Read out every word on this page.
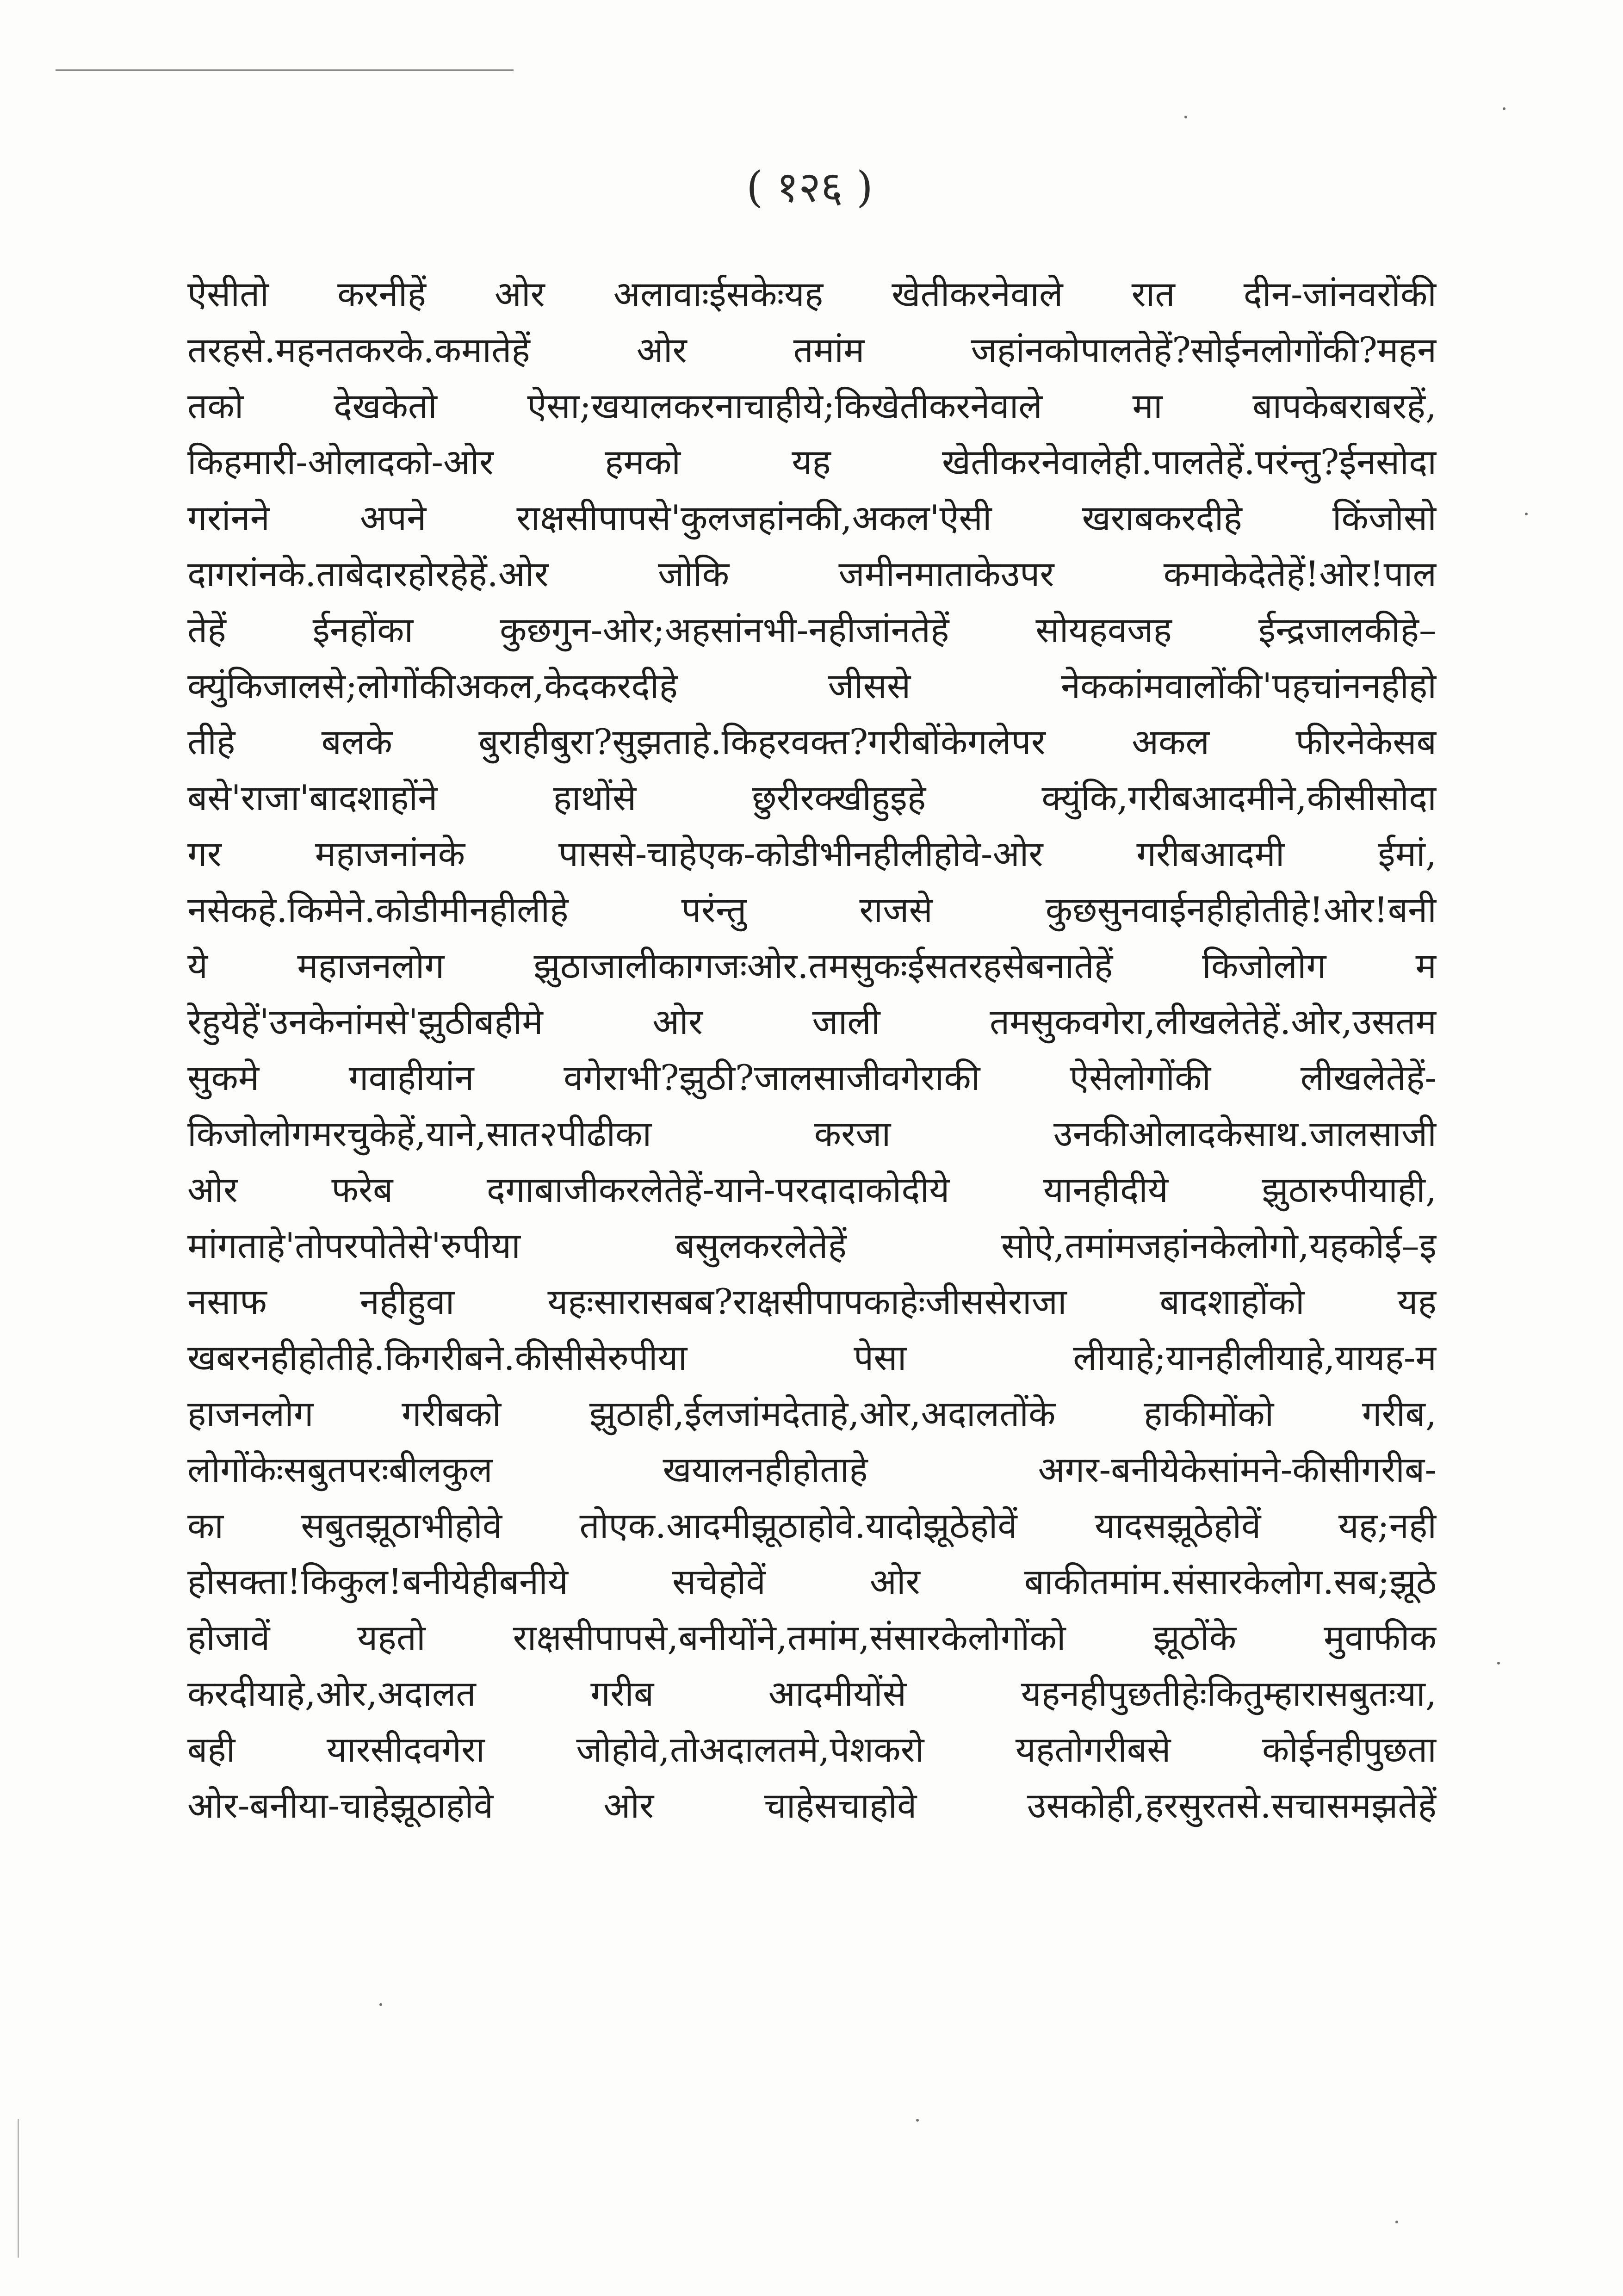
( १२६ )
ऐसीतो करनीहें ओर अलावाःईसकेःयह खेतीकरनेवाले रात दीन-जांनवरोंकी
तरहसे.महनतकरके.कमातेहें ओर तमांम जहांनकोपालतेहें?सोईनलोगोंकी?महन
तको देखकेतो ऐसा;खयालकरनाचाहीये;किखेतीकरनेवाले मा बापकेबराबरहें,
किहमारी-ओलादको-ओर हमको यह खेतीकरनेवालेही.पालतेहें.परंन्तु?ईनसोदा
गरांनने अपने राक्षसीपापसे'कुलजहांनकी,अकल'ऐसी खराबकरदीहे किंजोसो
दागरांनके.ताबेदारहोरहेहें.ओर जोकि जमीनमाताकेउपर कमाकेदेतेहें!ओर!पाल
तेहें ईनहोंका कुछगुन-ओर;अहसांनभी-नहीजांनतेहें सोयहवजह ईन्द्रजालकीहे–
क्युंकिजालसे;लोगोंकीअकल,केदकरदीहे जीससे नेककांमवालोंकी'पहचांननहीहो
तीहे बलके बुराहीबुरा?सुझताहे.किहरवक्त?गरीबोंकेगलेपर अकल फीरनेकेसब
बसे'राजा'बादशाहोंने हाथोंसे छुरीरक्खीहुइहे क्युंकि,गरीबआदमीने,कीसीसोदा
गर महाजनांनके पाससे-चाहेएक-कोडीभीनहीलीहोवे-ओर गरीबआदमी ईमां,
नसेकहे.किमेने.कोडीमीनहीलीहे परंन्तु राजसे कुछसुनवाईनहीहोतीहे!ओर!बनी
ये महाजनलोग झुठाजालीकागजःओर.तमसुकःईसतरहसेबनातेहें किजोलोग म
रेहुयेहें'उनकेनांमसे'झुठीबहीमे ओर जाली तमसुकवगेरा,लीखलेतेहें.ओर,उसतम
सुकमे गवाहीयांन वगेराभी?झुठी?जालसाजीवगेराकी ऐसेलोगोंकी लीखलेतेहें-
किजोलोगमरचुकेहें,याने,सात२पीढीका करजा उनकीओलादकेसाथ.जालसाजी
ओर फरेब दगाबाजीकरलेतेहें-याने-परदादाकोदीये यानहीदीये झुठारुपीयाही,
मांगताहे'तोपरपोतेसे'रुपीया बसुलकरलेतेहें सोऐ,तमांमजहांनकेलोगो,यहकोई–इ
नसाफ नहीहुवा यहःसारासबब?राक्षसीपापकाहेःजीससेराजा बादशाहोंको यह
खबरनहीहोतीहे.किगरीबने.कीसीसेरुपीया पेसा लीयाहे;यानहीलीयाहे,यायह-म
हाजनलोग गरीबको झुठाही,ईलजांमदेताहे,ओर,अदालतोंके हाकीमोंको गरीब,
लोगोंकेःसबुतपरःबीलकुल खयालनहीहोताहे अगर-बनीयेकेसांमने-कीसीगरीब-
का सबुतझूठाभीहोवे तोएक.आदमीझूठाहोवे.यादोझूठेहोवें यादसझूठेहोवें यह;नही
होसक्ता!किकुल!बनीयेहीबनीये सचेहोवें ओर बाकीतमांम.संसारकेलोग.सब;झूठे
होजावें यहतो राक्षसीपापसे,बनीयोंने,तमांम,संसारकेलोगोंको झूठोंके मुवाफीक
करदीयाहे,ओर,अदालत गरीब आदमीयोंसे यहनहीपुछतीहेःकितुम्हारासबुतःया,
बही यारसीदवगेरा जोहोवे,तोअदालतमे,पेशकरो यहतोगरीबसे कोईनहीपुछता
ओर-बनीया-चाहेझूठाहोवे ओर चाहेसचाहोवे उसकोही,हरसुरतसे.सचासमझतेहें
